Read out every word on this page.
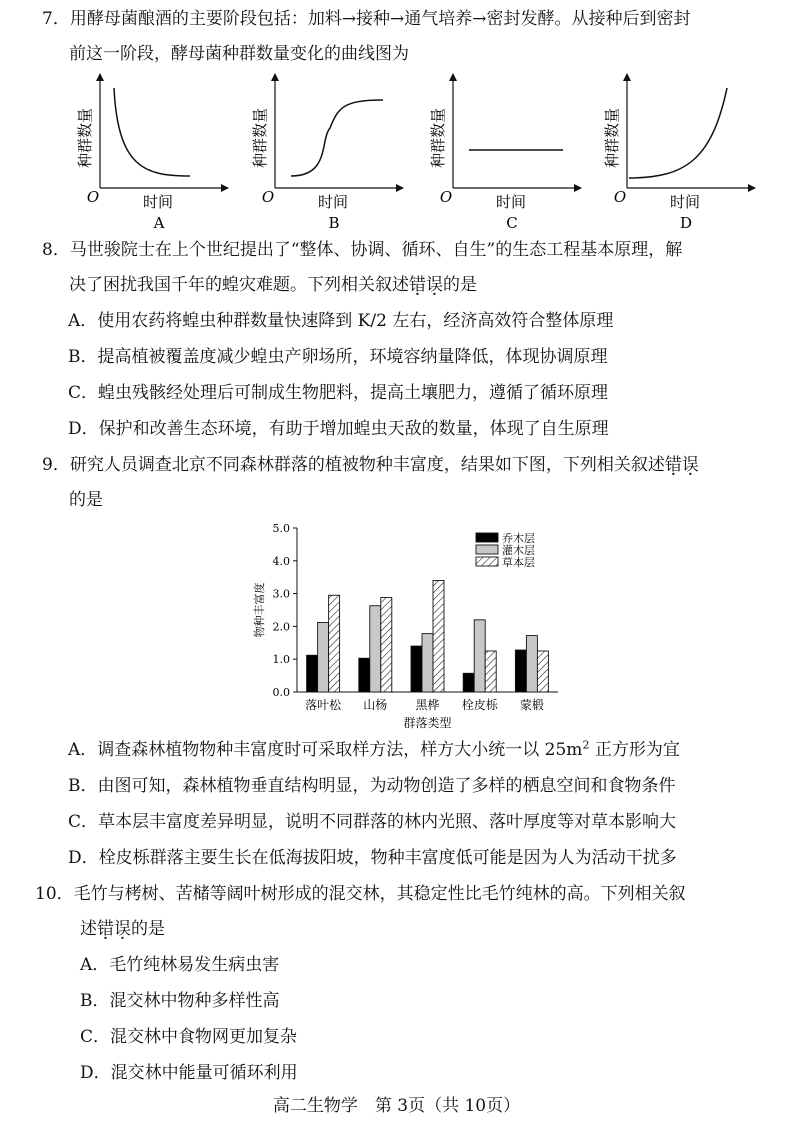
7．用酵母菌酿酒的主要阶段包括：加料→接种→通气培养→密封发酵。从接种后到密封
前这一阶段，酵母菌种群数量变化的曲线图为
种群数量
O	时间
A
种群数量
O	时间
B
种群数量
O	时间
C
种群数量
O	时间
D
8．马世骏院士在上个世纪提出了“整体、协调、循环、自生”的生态工程基本原理，解
决了困扰我国千年的蝗灾难题。下列相关叙述错误的是
A．使用农药将蝗虫种群数量快速降到 K/2 左右，经济高效符合整体原理
B．提高植被覆盖度减少蝗虫产卵场所，环境容纳量降低，体现协调原理
C．蝗虫残骸经处理后可制成生物肥料，提高土壤肥力，遵循了循环原理
D．保护和改善生态环境，有助于增加蝗虫天敌的数量，体现了自生原理
9．研究人员调查北京不同森林群落的植被物种丰富度，结果如下图，下列相关叙述错误
的是
0.0
1.0
2.0
3.0
4.0
5.0
物种丰富度
群落类型
落叶松 山杨 黑桦 栓皮栎 蒙椴
乔木层
灌木层
草本层
A．调查森林植物物种丰富度时可采取样方法，样方大小统一以 $25m^2$ 正方形为宜
B．由图可知，森林植物垂直结构明显，为动物创造了多样的栖息空间和食物条件
C．草本层丰富度差异明显，说明不同群落的林内光照、落叶厚度等对草本影响大
D．栓皮栎群落主要生长在低海拔阳坡，物种丰富度低可能是因为人为活动干扰多
10．毛竹与栲树、苦槠等阔叶树形成的混交林，其稳定性比毛竹纯林的高。下列相关叙
述错误的是
A．毛竹纯林易发生病虫害
B．混交林中物种多样性高
C．混交林中食物网更加复杂
D．混交林中能量可循环利用
高二生物学　第 3页（共 10页）
